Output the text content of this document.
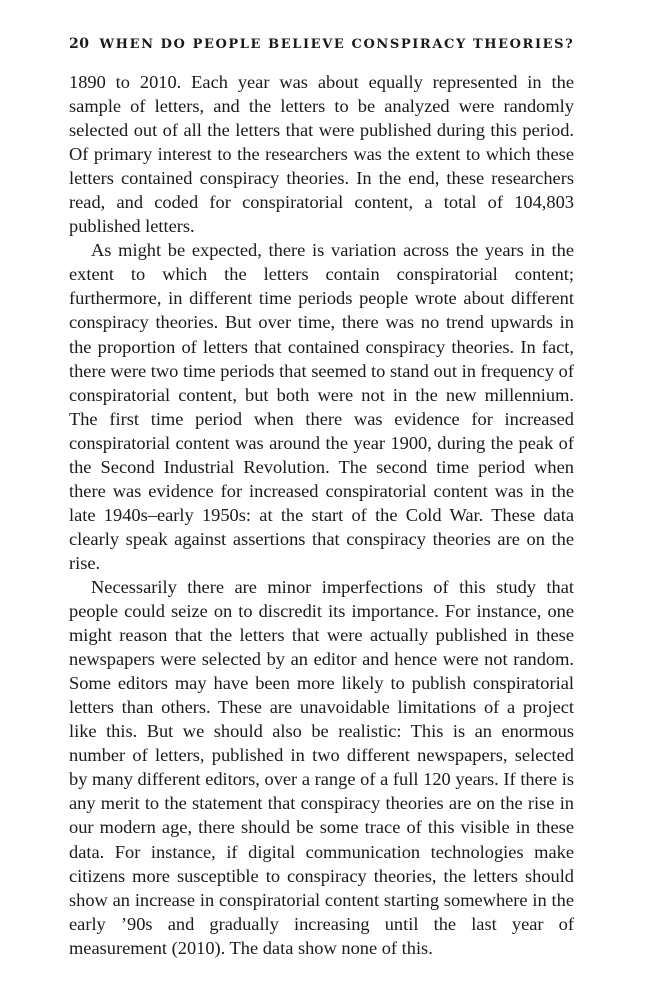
20 WHEN DO PEOPLE BELIEVE CONSPIRACY THEORIES?

1890 to 2010. Each year was about equally represented in the sample of letters, and the letters to be analyzed were randomly selected out of all the letters that were published during this period. Of primary interest to the researchers was the extent to which these letters contained conspiracy theories. In the end, these researchers read, and coded for conspiratorial content, a total of 104,803 published letters.

As might be expected, there is variation across the years in the extent to which the letters contain conspiratorial content; furthermore, in different time periods people wrote about different conspiracy theories. But over time, there was no trend upwards in the proportion of letters that contained conspiracy theories. In fact, there were two time periods that seemed to stand out in frequency of conspiratorial content, but both were not in the new millennium. The first time period when there was evidence for increased conspiratorial content was around the year 1900, during the peak of the Second Industrial Revolution. The second time period when there was evidence for increased conspiratorial content was in the late 1940s–early 1950s: at the start of the Cold War. These data clearly speak against assertions that conspiracy theories are on the rise.

Necessarily there are minor imperfections of this study that people could seize on to discredit its importance. For instance, one might reason that the letters that were actually published in these newspapers were selected by an editor and hence were not random. Some editors may have been more likely to publish conspiratorial letters than others. These are unavoidable limitations of a project like this. But we should also be realistic: This is an enormous number of letters, published in two different newspapers, selected by many different editors, over a range of a full 120 years. If there is any merit to the statement that conspiracy theories are on the rise in our modern age, there should be some trace of this visible in these data. For instance, if digital communication technologies make citizens more susceptible to conspiracy theories, the letters should show an increase in conspiratorial content starting somewhere in the early ’90s and gradually increasing until the last year of measurement (2010). The data show none of this.
